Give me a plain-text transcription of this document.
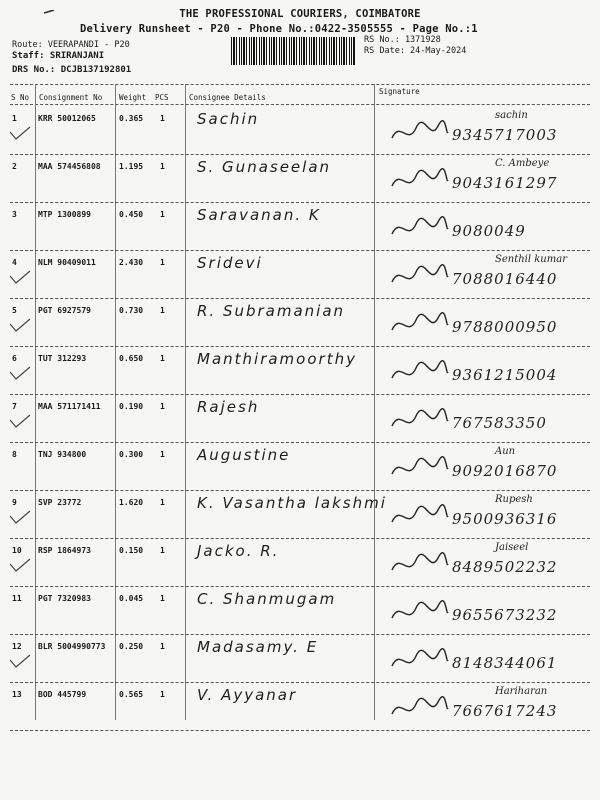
THE PROFESSIONAL COURIERS, COIMBATORE
Delivery Runsheet - P20 - Phone No.:0422-3505555 - Page No.:1
Route: VEERAPANDI - P20
Staff: SRIRANJANI
DRS No.: DCJB137192801
RS No.: 1371928
RS Date: 24-May-2024
S No Consignment No Weight PCS	Consignee Details
Signature
1	KRR 50012065	0.365 1 Sachin	sachin
9345717003
2	MAA 574456808 1.195 1 S. Gunaseelan	C. Ambeye
9043161297
3	MTP 1300899	0.450 1 Saravanan. K
9080049
4	NLM 90409011	2.430 1 Sridevi	Senthil kumar
7088016440
5	PGT 6927579	0.730 1 R. Subramanian
9788000950
6	TUT 312293	0.650 1 Manthiramoorthy
9361215004
7	MAA 571171411 0.190 1 Rajesh
767583350
8	TNJ 934800	0.300 1 Augustine	Aun
9092016870
9	SVP 23772	1.620 1 K. Vasantha lakshmi	Rupesh
9500936316
10 RSP 1864973	0.150 1 Jacko. R.	Jaiseel
8489502232
11 PGT 7320983	0.045 1 C. Shanmugam
9655673232
12 BLR 5004990773 0.250 1 Madasamy. E
8148344061
13 BOD 445799	0.565 1 V. Ayyanar	Hariharan
7667617243
